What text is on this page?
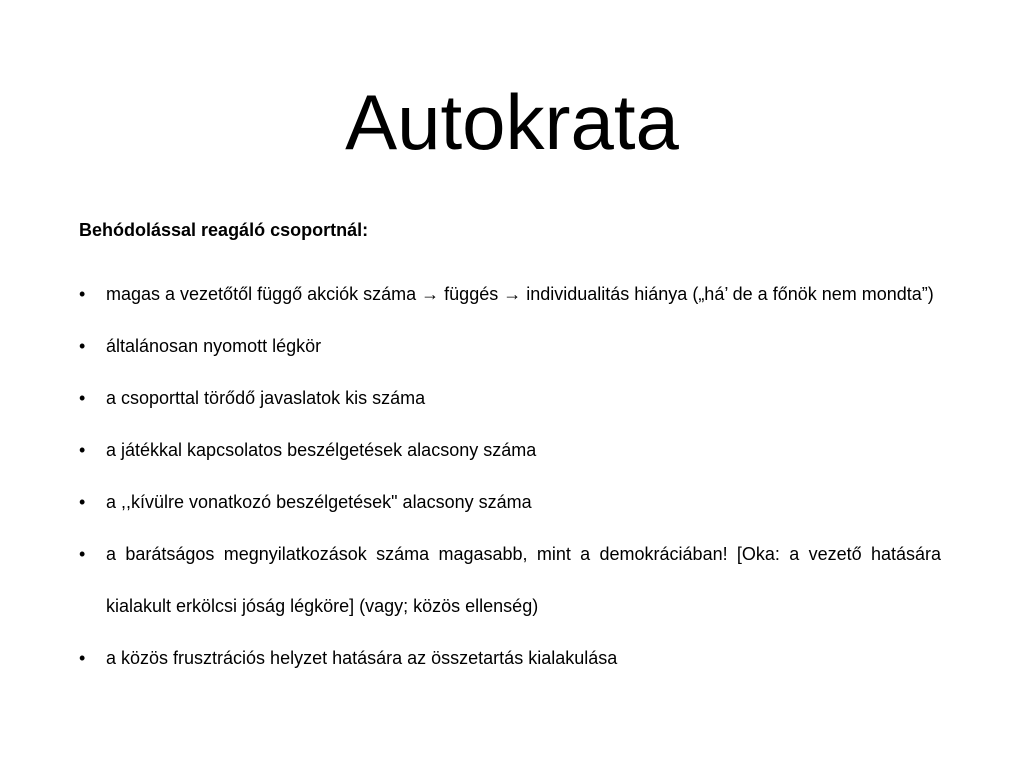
Autokrata

Behódolással reagáló csoportnál:

• magas a vezetőtől függő akciók száma → függés → individualitás hiánya („há’ de a főnök nem mondta”)
• általánosan nyomott légkör
• a csoporttal törődő javaslatok kis száma
• a játékkal kapcsolatos beszélgetések alacsony száma
• a ,,kívülre vonatkozó beszélgetések" alacsony száma
• a barátságos megnyilatkozások száma magasabb, mint a demokráciában! [Oka: a vezető hatására kialakult erkölcsi jóság légköre] (vagy; közös ellenség)
• a közös frusztrációs helyzet hatására az összetartás kialakulása
